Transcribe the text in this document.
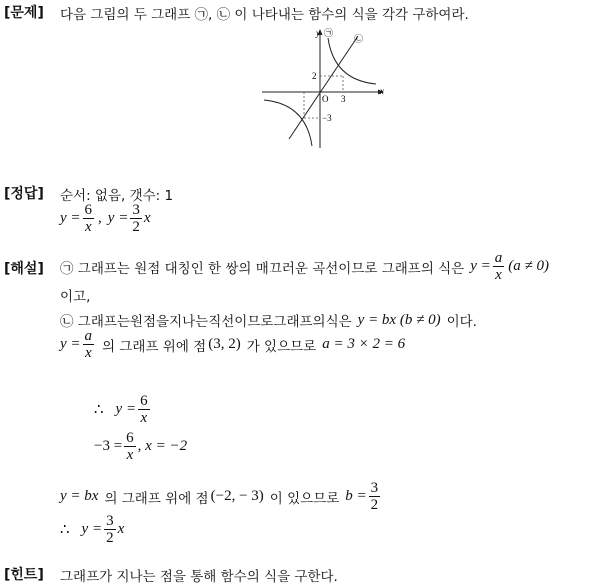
[문제] 다음 그림의 두 그래프 ㉠, ㉡ 이 나타내는 함수의 식을 각각 구하여라.
y
x
O 3
2
−3
㉠
㉡
[정답] 순서: 없음, 갯수: 1
$y = \frac{6}{x}$ , $y = \frac{3}{2}$ x
[해설] ㉠ 그래프는 원점 대칭인 한 쌍의 매끄러운 곡선이므로 그래프의 식은 $y = \frac{a}{x} (a \ne 0)$
이고,
㉡ 그래프는원점을지나는직선이므로그래프의식은 y = bx (b ≠ 0) 이다.
$y = \frac{a}{x}$ 의 그래프 위에 점 (3, 2) 가 있으므로 a = 3 × 2 = 6
∴ $y = \frac{6}{x}$
$-3 = \frac{6}{x}$ , x = −2
y = bx 의 그래프 위에 점 (−2, − 3) 이 있으므로 $b = \frac{3}{2}$
∴ $y = \frac{3}{2}$ x
[힌트] 그래프가 지나는 점을 통해 함수의 식을 구한다.
